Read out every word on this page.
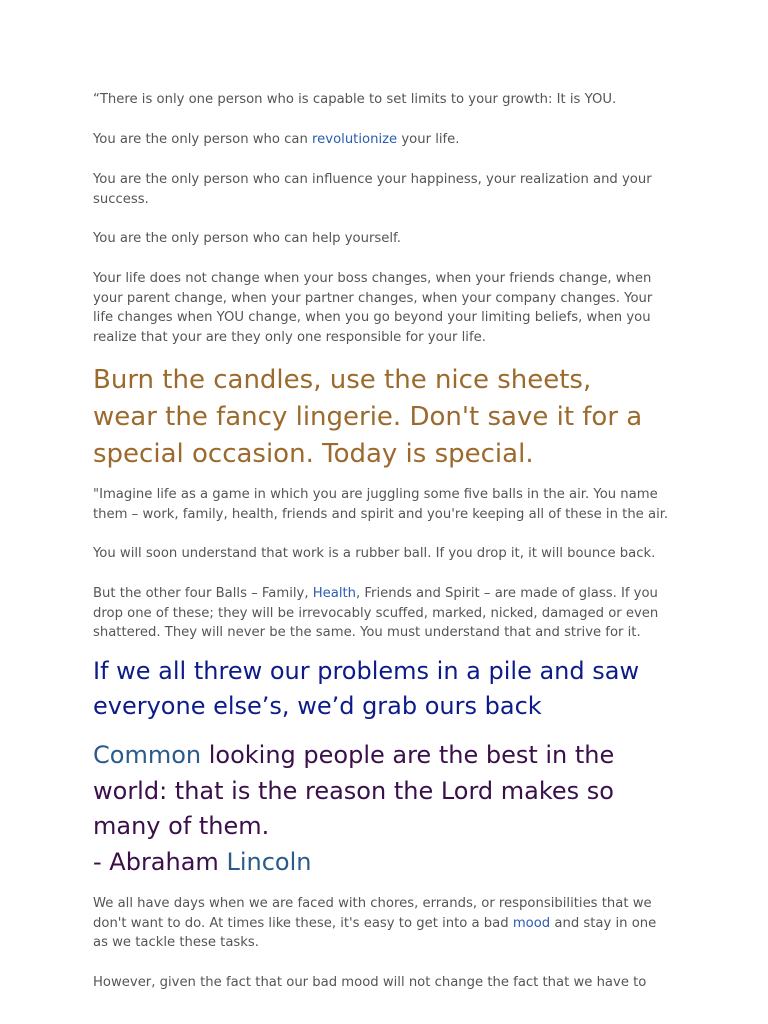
“There is only one person who is capable to set limits to your growth: It is YOU.

You are the only person who can revolutionize your life.

You are the only person who can influence your happiness, your realization and your
success.

You are the only person who can help yourself.

Your life does not change when your boss changes, when your friends change, when
your parent change, when your partner changes, when your company changes. Your
life changes when YOU change, when you go beyond your limiting beliefs, when you
realize that your are they only one responsible for your life.

Burn the candles, use the nice sheets,
wear the fancy lingerie. Don't save it for a
special occasion. Today is special.

"Imagine life as a game in which you are juggling some five balls in the air. You name
them – work, family, health, friends and spirit and you're keeping all of these in the air.

You will soon understand that work is a rubber ball. If you drop it, it will bounce back.

But the other four Balls – Family, Health, Friends and Spirit – are made of glass. If you
drop one of these; they will be irrevocably scuffed, marked, nicked, damaged or even
shattered. They will never be the same. You must understand that and strive for it.

If we all threw our problems in a pile and saw
everyone else’s, we’d grab ours back

Common looking people are the best in the
world: that is the reason the Lord makes so
many of them.
- Abraham Lincoln

We all have days when we are faced with chores, errands, or responsibilities that we
don't want to do. At times like these, it's easy to get into a bad mood and stay in one
as we tackle these tasks.

However, given the fact that our bad mood will not change the fact that we have to
